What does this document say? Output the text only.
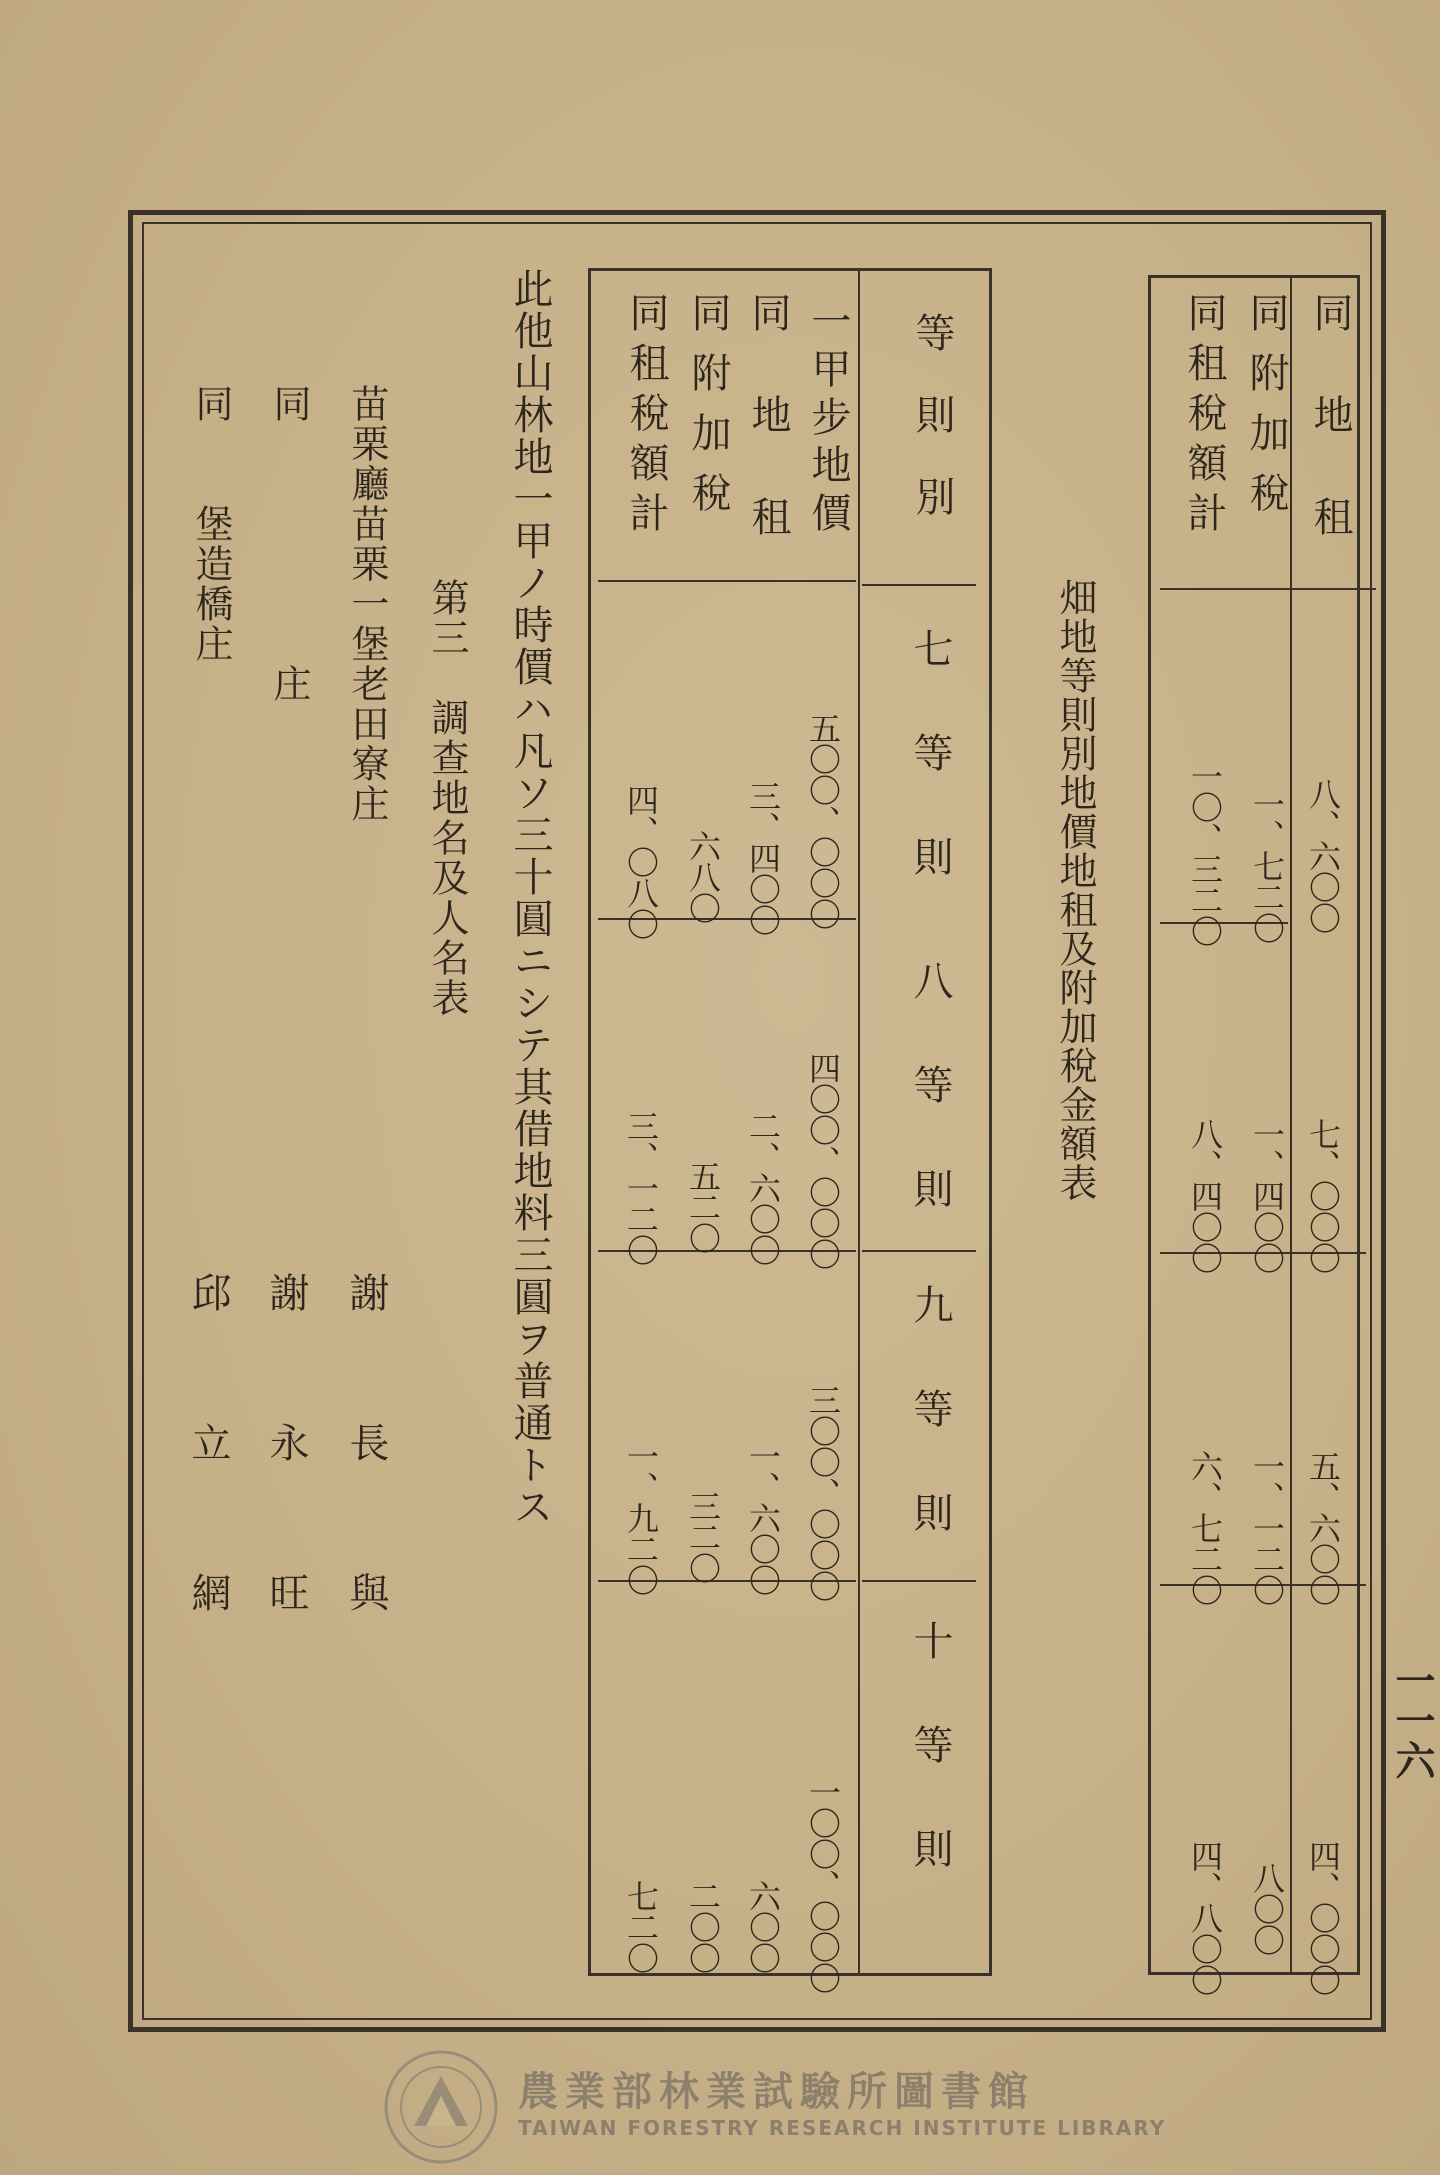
一一六
同地租
同附加稅
同租稅額計
八、六〇〇
一、七二〇
一〇、三二〇
七、〇〇〇
一、四〇〇
八、四〇〇
五、六〇〇
一、一二〇
六、七二〇
四、〇〇〇
八〇〇
四、八〇〇
畑地等則別地價地租及附加稅金額表
等則別
七等則
八等則
九等則
十等則
一甲步地價
同地租
同附加稅
同租稅額計
五〇〇、〇〇〇
三、四〇〇
六八〇
四、〇八〇
四〇〇、〇〇〇
二、六〇〇
五二〇
三、一二〇
三〇〇、〇〇〇
一、六〇〇
三二〇
一、九二〇
一〇〇、〇〇〇
六〇〇
二〇〇
七二〇
此他山林地一甲ノ時價ハ凡ソ三十圓ニシテ其借地料三圓ヲ普通トス
第三　調查地名及人名表
苗栗廳苗栗一堡老田寮庄
同　　　　　　庄
同　　堡造橋庄
謝長與
謝永旺
邱立網
農業部林業試驗所圖書館
TAIWAN FORESTRY RESEARCH INSTITUTE LIBRARY
